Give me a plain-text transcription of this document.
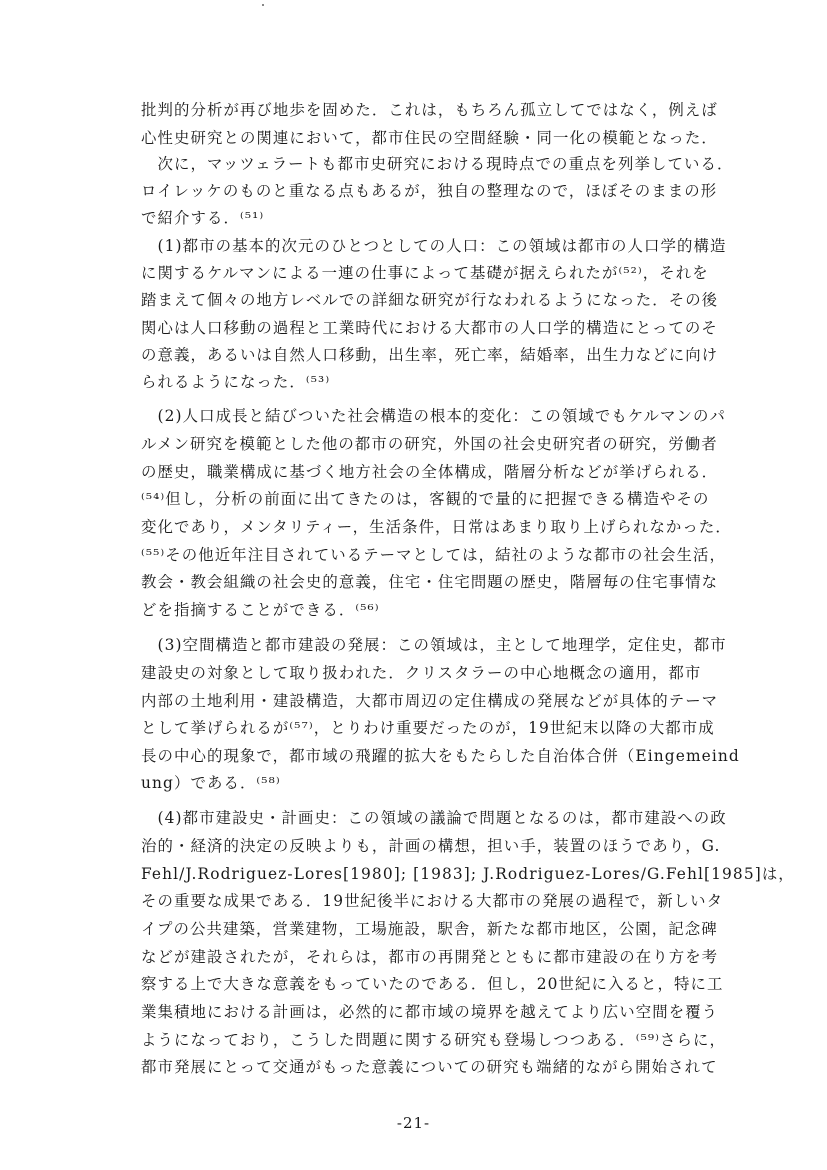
批判的分析が再び地歩を固めた．これは，もちろん孤立してではなく，例えば
心性史研究との関連において，都市住民の空間経験・同一化の模範となった．
　次に，マッツェラートも都市史研究における現時点での重点を列挙している．
ロイレッケのものと重なる点もあるが，独自の整理なので，ほぼそのままの形
で紹介する．⁽⁵¹⁾
　(1)都市の基本的次元のひとつとしての人口：この領域は都市の人口学的構造
に関するケルマンによる一連の仕事によって基礎が据えられたが⁽⁵²⁾，それを
踏まえて個々の地方レベルでの詳細な研究が行なわれるようになった．その後
関心は人口移動の過程と工業時代における大都市の人口学的構造にとってのそ
の意義，あるいは自然人口移動，出生率，死亡率，結婚率，出生力などに向け
られるようになった．⁽⁵³⁾
　(2)人口成長と結びついた社会構造の根本的変化：この領域でもケルマンのパ
ルメン研究を模範とした他の都市の研究，外国の社会史研究者の研究，労働者
の歴史，職業構成に基づく地方社会の全体構成，階層分析などが挙げられる．
⁽⁵⁴⁾但し，分析の前面に出てきたのは，客観的で量的に把握できる構造やその
変化であり，メンタリティー，生活条件，日常はあまり取り上げられなかった．
⁽⁵⁵⁾その他近年注目されているテーマとしては，結社のような都市の社会生活，
教会・教会組織の社会史的意義，住宅・住宅問題の歴史，階層毎の住宅事情な
どを指摘することができる．⁽⁵⁶⁾
　(3)空間構造と都市建設の発展：この領域は，主として地理学，定住史，都市
建設史の対象として取り扱われた．クリスタラーの中心地概念の適用，都市
内部の土地利用・建設構造，大都市周辺の定住構成の発展などが具体的テーマ
として挙げられるが⁽⁵⁷⁾，とりわけ重要だったのが，19世紀末以降の大都市成
長の中心的現象で，都市域の飛躍的拡大をもたらした自治体合併（Eingemeind
ung）である．⁽⁵⁸⁾
　(4)都市建設史・計画史：この領域の議論で問題となるのは，都市建設への政
治的・経済的決定の反映よりも，計画の構想，担い手，装置のほうであり，G.
Fehl/J.Rodriguez-Lores[1980]; [1983]; J.Rodriguez-Lores/G.Fehl[1985]は，
その重要な成果である．19世紀後半における大都市の発展の過程で，新しいタ
イプの公共建築，営業建物，工場施設，駅舎，新たな都市地区，公園，記念碑
などが建設されたが，それらは，都市の再開発とともに都市建設の在り方を考
察する上で大きな意義をもっていたのである．但し，20世紀に入ると，特に工
業集積地における計画は，必然的に都市域の境界を越えてより広い空間を覆う
ようになっており，こうした問題に関する研究も登場しつつある．⁽⁵⁹⁾さらに，
-21-
都市発展にとって交通がもった意義についての研究も端緒的ながら開始されて
